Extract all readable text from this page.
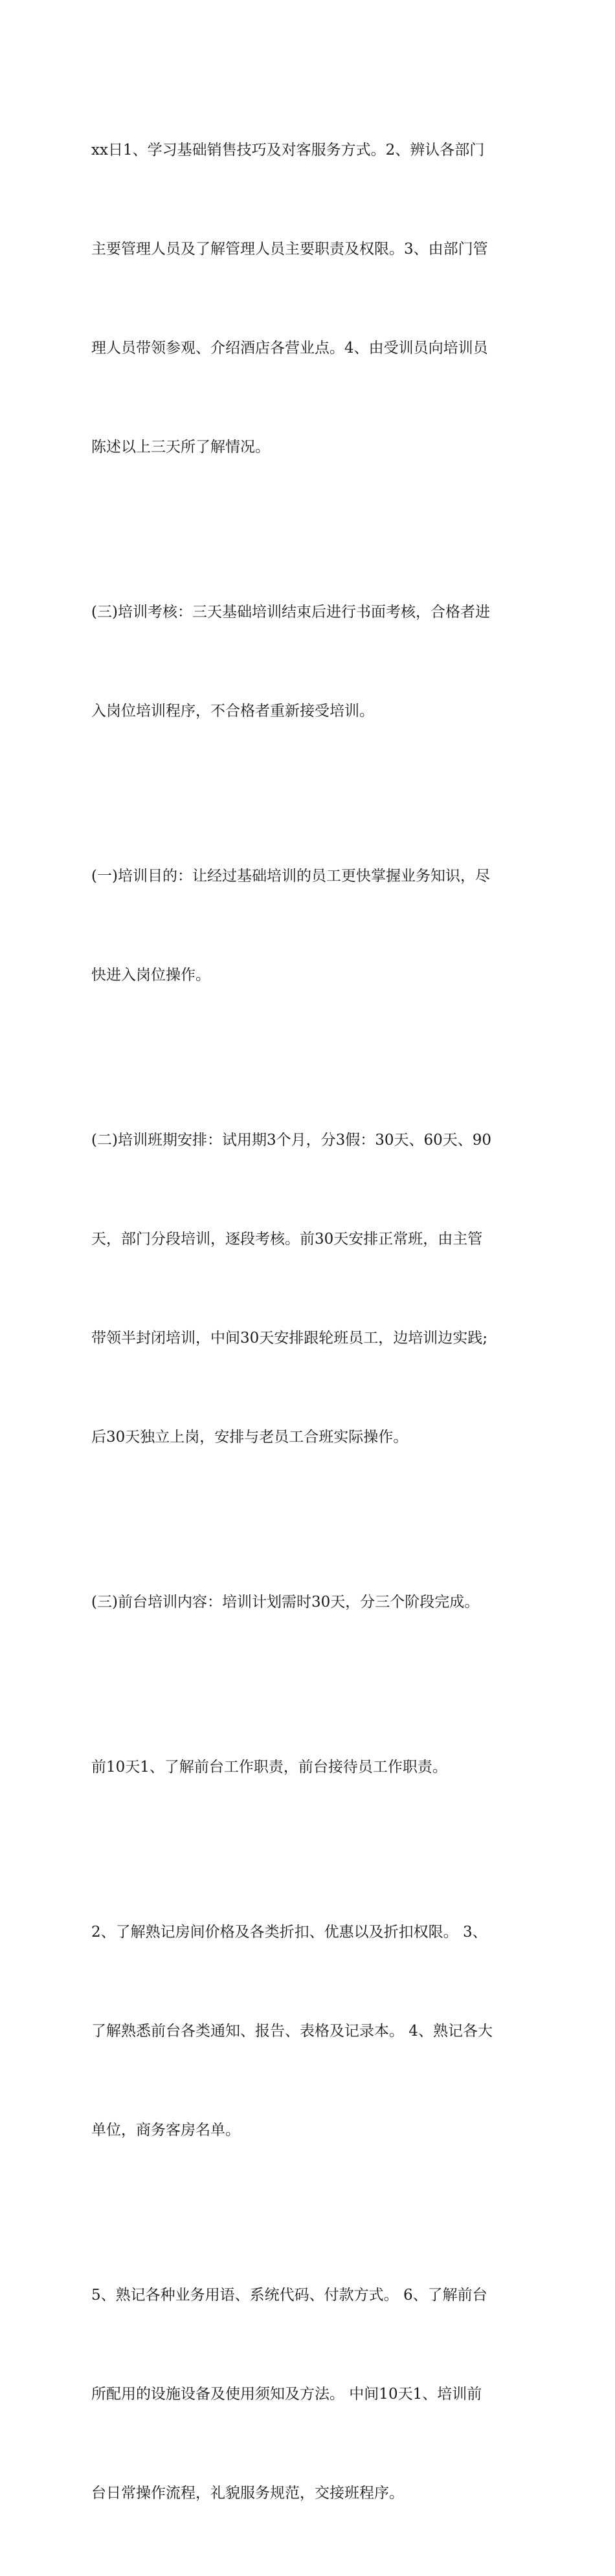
xx日1、学习基础销售技巧及对客服务方式。2、辨认各部门

主要管理人员及了解管理人员主要职责及权限。3、由部门管

理人员带领参观、介绍酒店各营业点。4、由受训员向培训员

陈述以上三天所了解情况。

(三)培训考核：三天基础培训结束后进行书面考核，合格者进

入岗位培训程序，不合格者重新接受培训。

(一)培训目的：让经过基础培训的员工更快掌握业务知识，尽

快进入岗位操作。

(二)培训班期安排：试用期3个月，分3假：30天、60天、90

天，部门分段培训，逐段考核。前30天安排正常班，由主管

带领半封闭培训，中间30天安排跟轮班员工，边培训边实践;

后30天独立上岗，安排与老员工合班实际操作。

(三)前台培训内容：培训计划需时30天，分三个阶段完成。

前10天1、了解前台工作职责，前台接待员工作职责。

2、了解熟记房间价格及各类折扣、优惠以及折扣权限。 3、

了解熟悉前台各类通知、报告、表格及记录本。 4、熟记各大

单位，商务客房名单。

5、熟记各种业务用语、系统代码、付款方式。 6、了解前台

所配用的设施设备及使用须知及方法。 中间10天1、培训前

台日常操作流程，礼貌服务规范，交接班程序。
